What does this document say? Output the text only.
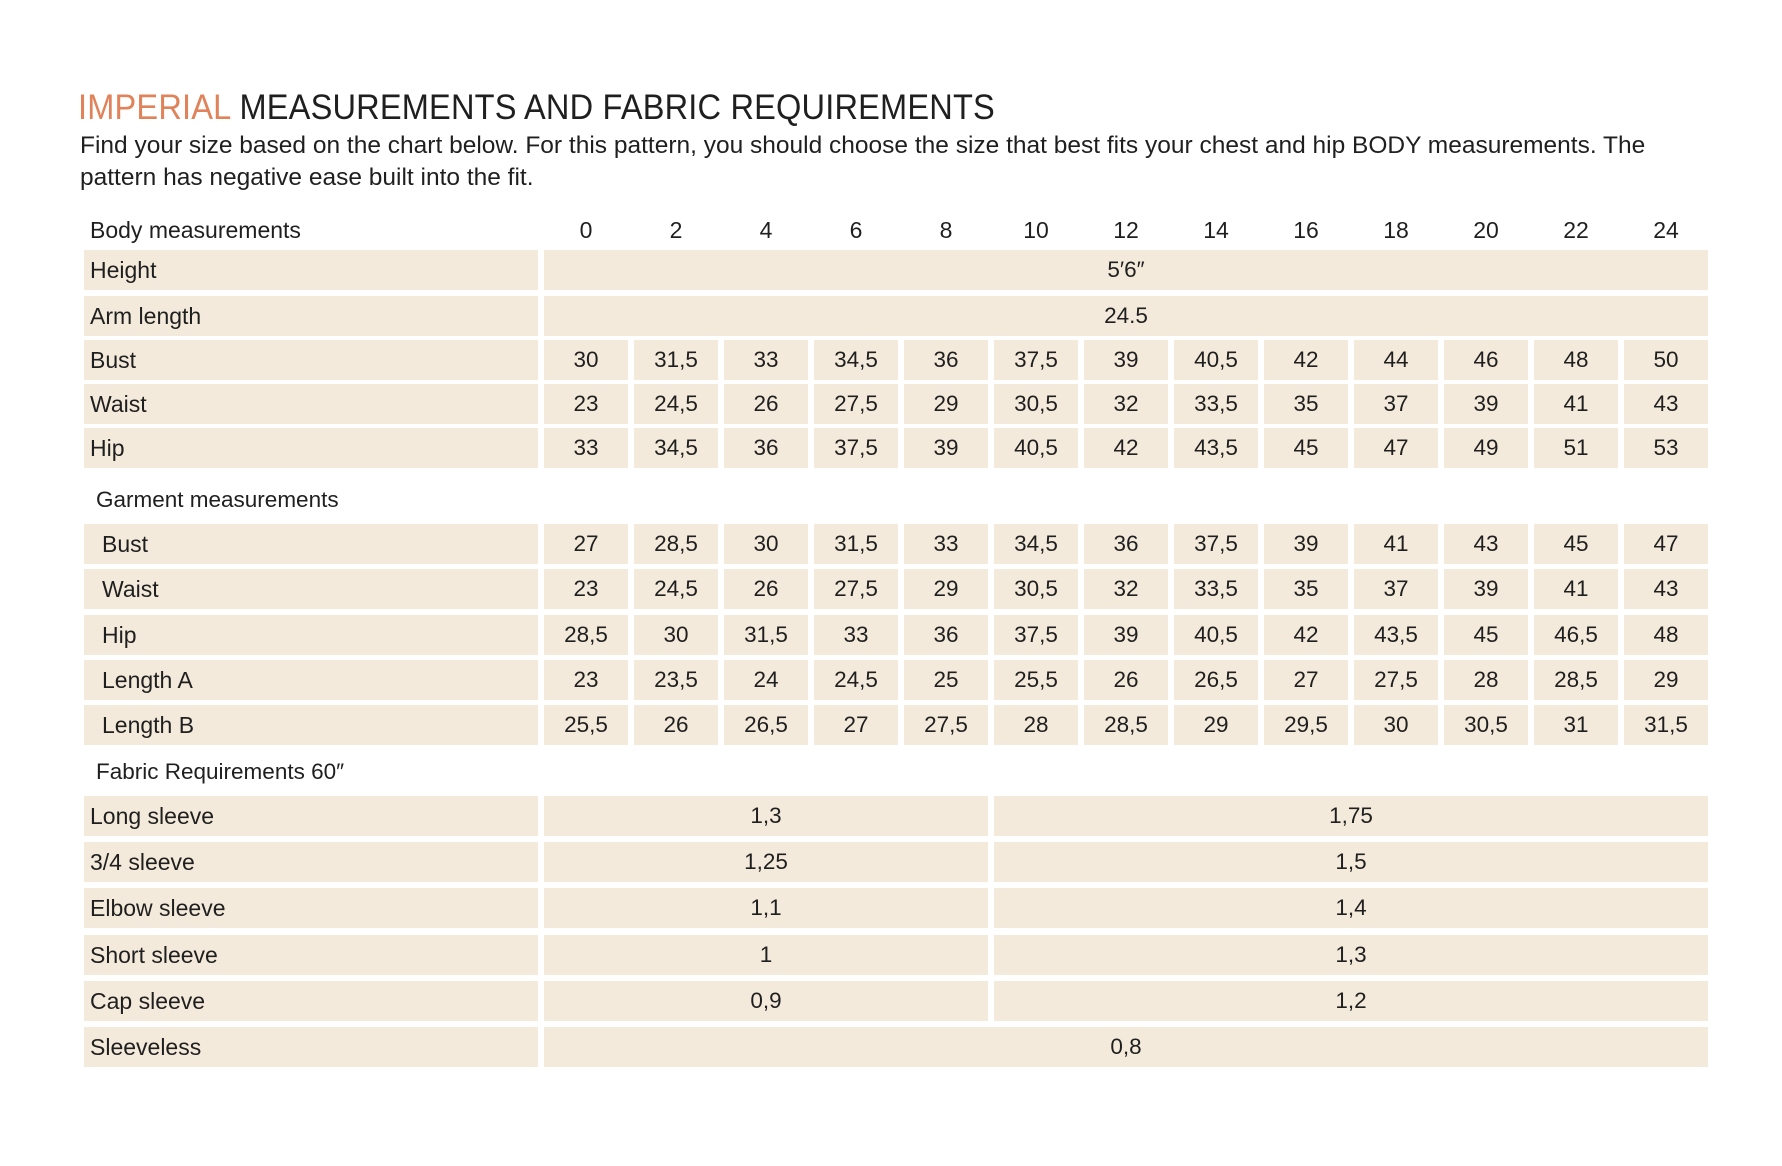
IMPERIAL MEASUREMENTS AND FABRIC REQUIREMENTS

Find your size based on the chart below. For this pattern, you should choose the size that best fits your chest and hip BODY measurements. The pattern has negative ease built into the fit.

Body measurements	0	2	4	6	8	10	12	14	16	18	20	22	24
Height	5′6″
Arm length	24.5
Bust	30	31,5	33	34,5	36	37,5	39	40,5	42	44	46	48	50
Waist	23	24,5	26	27,5	29	30,5	32	33,5	35	37	39	41	43
Hip	33	34,5	36	37,5	39	40,5	42	43,5	45	47	49	51	53
Garment measurements
Bust	27	28,5	30	31,5	33	34,5	36	37,5	39	41	43	45	47
Waist	23	24,5	26	27,5	29	30,5	32	33,5	35	37	39	41	43
Hip	28,5	30	31,5	33	36	37,5	39	40,5	42	43,5	45	46,5	48
Length A	23	23,5	24	24,5	25	25,5	26	26,5	27	27,5	28	28,5	29
Length B	25,5	26	26,5	27	27,5	28	28,5	29	29,5	30	30,5	31	31,5
Fabric Requirements 60″
Long sleeve	1,3	1,75
3/4 sleeve	1,25	1,5
Elbow sleeve	1,1	1,4
Short sleeve	1	1,3
Cap sleeve	0,9	1,2
Sleeveless	0,8
